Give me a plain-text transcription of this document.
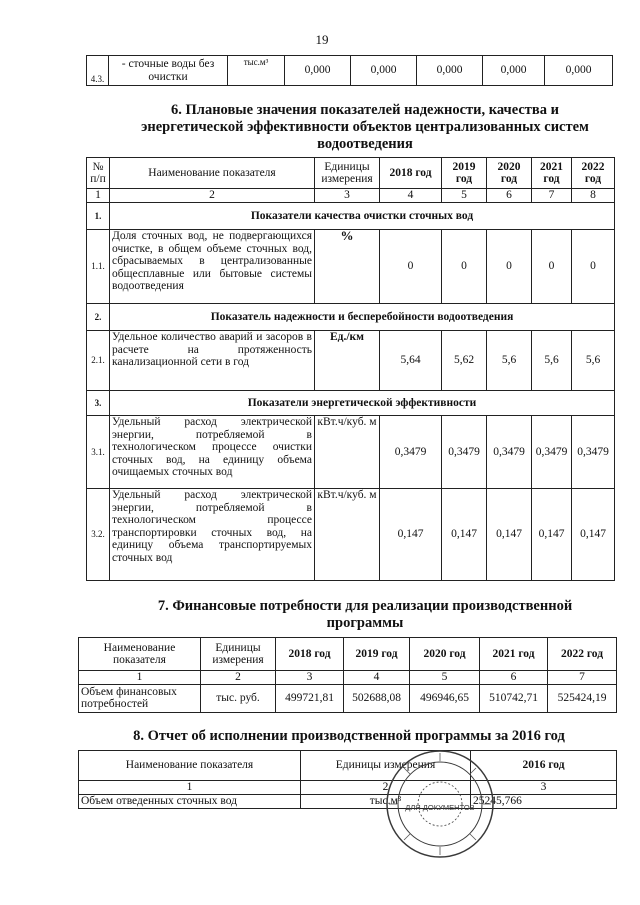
19
4.3.	- сточные воды без очистки	тыс.м³	0,000	0,000	0,000	0,000	0,000
6. Плановые значения показателей надежности, качества и энергетической эффективности объектов централизованных систем водоотведения
№ п/п	Наименование показателя	Единицы измерения	2018 год	2019 год	2020 год	2021 год	2022 год
1	2	3	4	5	6	7	8
1.	Показатели качества очистки сточных вод						
1.1.	Доля сточных вод, не подвергающихся очистке, в общем объеме сточных вод, сбрасываемых в централизованные общесплавные или бытовые системы водоотведения	%	0	0	0	0	0
2.	Показатель надежности и бесперебойности водоотведения						
2.1.	Удельное количество аварий и засоров в расчете на протяженность канализационной сети в год	Ед./км	5,64	5,62	5,6	5,6	5,6
3.	Показатели энергетической эффективности						
3.1.	Удельный расход электрической энергии, потребляемой в технологическом процессе очистки сточных вод, на единицу объема очищаемых сточных вод	кВт.ч/куб. м	0,3479	0,3479	0,3479	0,3479	0,3479
3.2.	Удельный расход электрической энергии, потребляемой в технологическом процессе транспортировки сточных вод, на единицу объема транспортируемых сточных вод	кВт.ч/куб. м	0,147	0,147	0,147	0,147	0,147
7. Финансовые потребности для реализации производственной программы
Наименование показателя	Единицы измерения	2018 год	2019 год	2020 год	2021 год	2022 год
1	2	3	4	5	6	7
Объем финансовых потребностей	тыс. руб.	499721,81	502688,08	496946,65	510742,71	525424,19
8. Отчет об исполнении производственной программы за 2016 год
Наименование показателя	Единицы измерения	2016 год
1	2	3
Объем отведенных сточных вод	тыс.м³	25245,766
ДЛЯ ДОКУМЕНТОВ
